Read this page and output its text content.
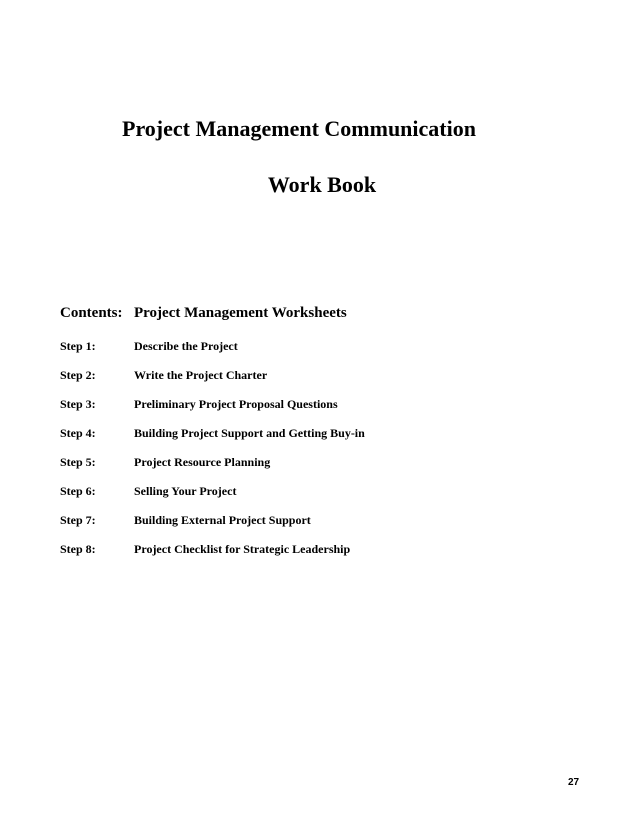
Project Management Communication
Work Book
Contents: Project Management Worksheets
Step 1:	Describe the Project
Step 2:	Write the Project Charter
Step 3:	Preliminary Project Proposal Questions
Step 4:	Building Project Support and Getting Buy-in
Step 5:	Project Resource Planning
Step 6:	Selling Your Project
Step 7:	Building External Project Support
Step 8:	Project Checklist for Strategic Leadership
27
